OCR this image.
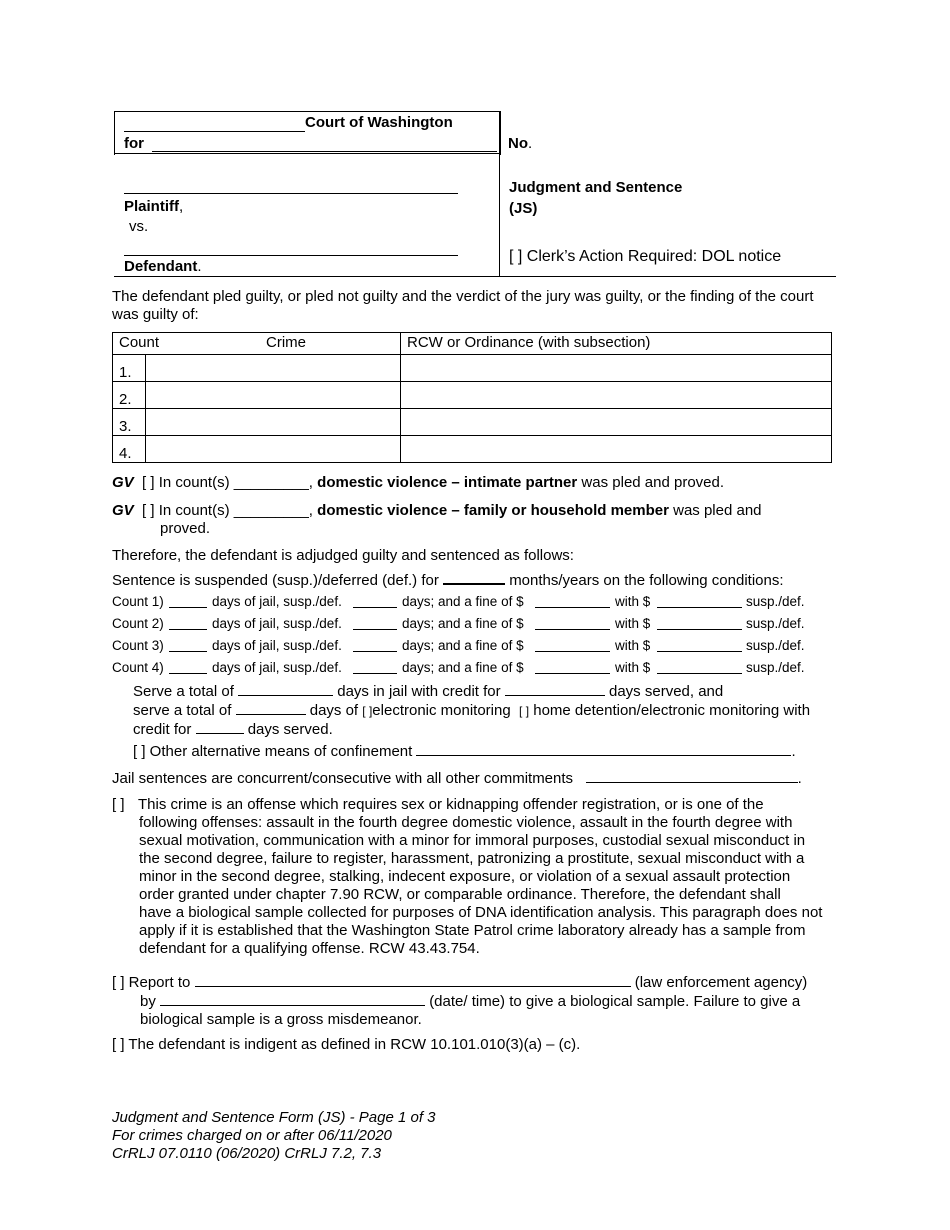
Court of Washington
for	No.
Plaintiff,
vs.
Defendant.
Judgment and Sentence
(JS)
[ ] Clerk’s Action Required: DOL notice
The defendant pled guilty, or pled not guilty and the verdict of the jury was guilty, or the finding of the court was guilty of:
Count Crime		RCW or Ordinance (with subsection)
1.		
2.		
3.		
4.		
GV [ ] In count(s) _________, domestic violence – intimate partner was pled and proved.
GV [ ] In count(s) _________, domestic violence – family or household member was pled and
proved.
Therefore, the defendant is adjudged guilty and sentenced as follows:
Sentence is suspended (susp.)/deferred (def.) for	months/years on the following conditions:
Count 1)	days of jail, susp./def.	days; and a fine of $	with $	susp./def.
Count 2)	days of jail, susp./def.	days; and a fine of $	with $	susp./def.
Count 3)	days of jail, susp./def.	days; and a fine of $	with $	susp./def.
Count 4)	days of jail, susp./def.	days; and a fine of $	with $	susp./def.
Serve a total of	days in jail with credit for	days served, and
serve a total of	days of [ ]electronic monitoring [ ] home detention/electronic monitoring with
credit for	days served.
[ ] Other alternative means of confinement	.
Jail sentences are concurrent/consecutive with all other commitments	.
[ ] This crime is an offense which requires sex or kidnapping offender registration, or is one of the
following offenses: assault in the fourth degree domestic violence, assault in the fourth degree with
sexual motivation, communication with a minor for immoral purposes, custodial sexual misconduct in
the second degree, failure to register, harassment, patronizing a prostitute, sexual misconduct with a
minor in the second degree, stalking, indecent exposure, or violation of a sexual assault protection
order granted under chapter 7.90 RCW, or comparable ordinance. Therefore, the defendant shall
have a biological sample collected for purposes of DNA identification analysis. This paragraph does not
apply if it is established that the Washington State Patrol crime laboratory already has a sample from
defendant for a qualifying offense. RCW 43.43.754.
[ ] Report to	(law enforcement agency)
by	(date/ time) to give a biological sample. Failure to give a
biological sample is a gross misdemeanor.
[ ] The defendant is indigent as defined in RCW 10.101.010(3)(a) – (c).
Judgment and Sentence Form (JS) - Page 1 of 3
For crimes charged on or after 06/11/2020
CrRLJ 07.0110 (06/2020) CrRLJ 7.2, 7.3
